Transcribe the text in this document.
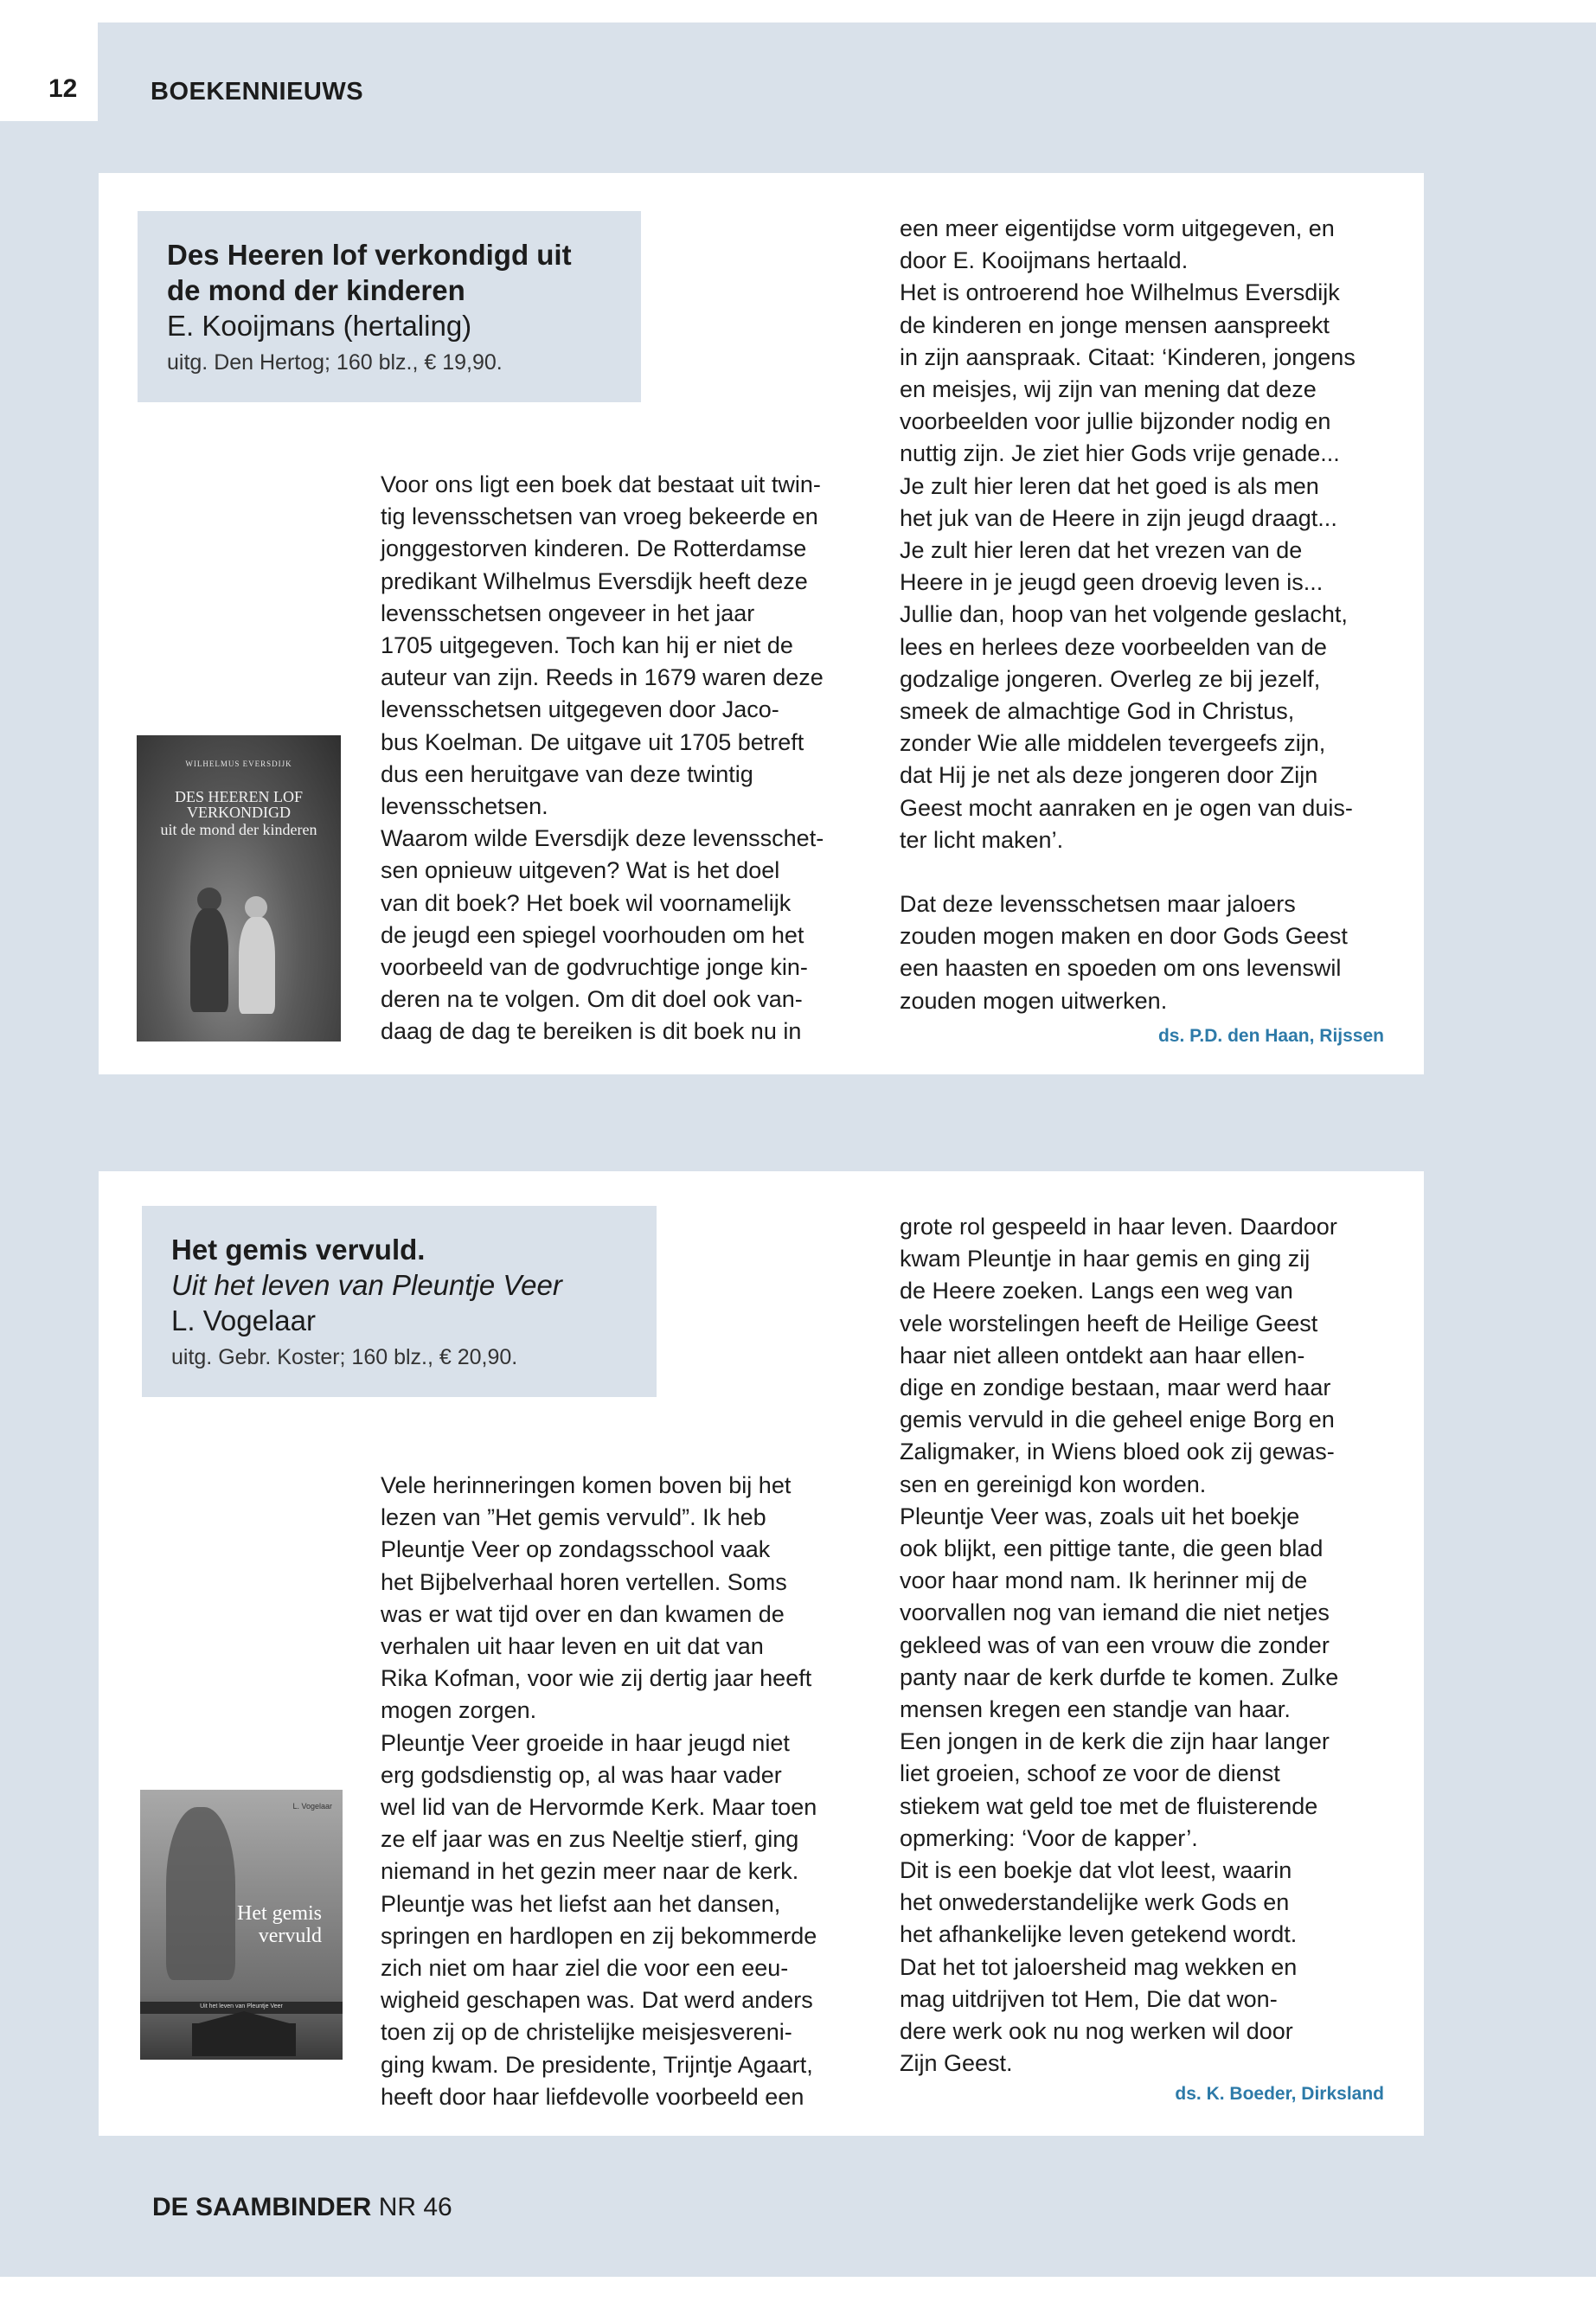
12	BOEKENNIEUWS

Des Heeren lof verkondigd uit

de mond der kinderen

E. Kooijmans (hertaling)

uitg. Den Hertog; 160 blz., € 19,90.
WILHELMUS EVERSDIJK
DES HEEREN LOF VERKONDIGD
uit de mond der kinderen

Voor ons ligt een boek dat bestaat uit twin-

tig levensschetsen van vroeg bekeerde en

jonggestorven kinderen. De Rotterdamse

predikant Wilhelmus Eversdijk heeft deze

levensschetsen ongeveer in het jaar

1705 uitgegeven. Toch kan hij er niet de

auteur van zijn. Reeds in 1679 waren deze

levensschetsen uitgegeven door Jaco-

bus Koelman. De uitgave uit 1705 betreft

dus een heruitgave van deze twintig

levensschetsen.

Waarom wilde Eversdijk deze levensschet-

sen opnieuw uitgeven? Wat is het doel

van dit boek? Het boek wil voornamelijk

de jeugd een spiegel voorhouden om het

voorbeeld van de godvruchtige jonge kin-

deren na te volgen. Om dit doel ook van-

daag de dag te bereiken is dit boek nu in

een meer eigentijdse vorm uitgegeven, en

door E. Kooijmans hertaald.

Het is ontroerend hoe Wilhelmus Eversdijk

de kinderen en jonge mensen aanspreekt

in zijn aanspraak. Citaat: ‘Kinderen, jongens

en meisjes, wij zijn van mening dat deze

voorbeelden voor jullie bijzonder nodig en

nuttig zijn. Je ziet hier Gods vrije genade...

Je zult hier leren dat het goed is als men

het juk van de Heere in zijn jeugd draagt...

Je zult hier leren dat het vrezen van de

Heere in je jeugd geen droevig leven is...

Jullie dan, hoop van het volgende geslacht,

lees en herlees deze voorbeelden van de

godzalige jongeren. Overleg ze bij jezelf,

smeek de almachtige God in Christus,

zonder Wie alle middelen tevergeefs zijn,

dat Hij je net als deze jongeren door Zijn

Geest mocht aanraken en je ogen van duis-

ter licht maken’.

Dat deze levensschetsen maar jaloers

zouden mogen maken en door Gods Geest

een haasten en spoeden om ons levenswil

zouden mogen uitwerken.

ds. P.D. den Haan, Rijssen

Het gemis vervuld.

Uit het leven van Pleuntje Veer

L. Vogelaar

uitg. Gebr. Koster; 160 blz., € 20,90.
L. Vogelaar
Het gemis
vervuld
Uit het leven van Pleuntje Veer

Vele herinneringen komen boven bij het

lezen van ”Het gemis vervuld”. Ik heb

Pleuntje Veer op zondagsschool vaak

het Bijbelverhaal horen vertellen. Soms

was er wat tijd over en dan kwamen de

verhalen uit haar leven en uit dat van

Rika Kofman, voor wie zij dertig jaar heeft

mogen zorgen.

Pleuntje Veer groeide in haar jeugd niet

erg godsdienstig op, al was haar vader

wel lid van de Hervormde Kerk. Maar toen

ze elf jaar was en zus Neeltje stierf, ging

niemand in het gezin meer naar de kerk.

Pleuntje was het liefst aan het dansen,

springen en hardlopen en zij bekommerde

zich niet om haar ziel die voor een eeu-

wigheid geschapen was. Dat werd anders

toen zij op de christelijke meisjesvereni-

ging kwam. De presidente, Trijntje Agaart,

heeft door haar liefdevolle voorbeeld een

grote rol gespeeld in haar leven. Daardoor

kwam Pleuntje in haar gemis en ging zij

de Heere zoeken. Langs een weg van

vele worstelingen heeft de Heilige Geest

haar niet alleen ontdekt aan haar ellen-

dige en zondige bestaan, maar werd haar

gemis vervuld in die geheel enige Borg en

Zaligmaker, in Wiens bloed ook zij gewas-

sen en gereinigd kon worden.

Pleuntje Veer was, zoals uit het boekje

ook blijkt, een pittige tante, die geen blad

voor haar mond nam. Ik herinner mij de

voorvallen nog van iemand die niet netjes

gekleed was of van een vrouw die zonder

panty naar de kerk durfde te komen. Zulke

mensen kregen een standje van haar.

Een jongen in de kerk die zijn haar langer

liet groeien, schoof ze voor de dienst

stiekem wat geld toe met de fluisterende

opmerking: ‘Voor de kapper’.

Dit is een boekje dat vlot leest, waarin

het onwederstandelijke werk Gods en

het afhankelijke leven getekend wordt.

Dat het tot jaloersheid mag wekken en

mag uitdrijven tot Hem, Die dat won-

dere werk ook nu nog werken wil door

Zijn Geest.

ds. K. Boeder, Dirksland
DE SAAMBINDER NR 46
